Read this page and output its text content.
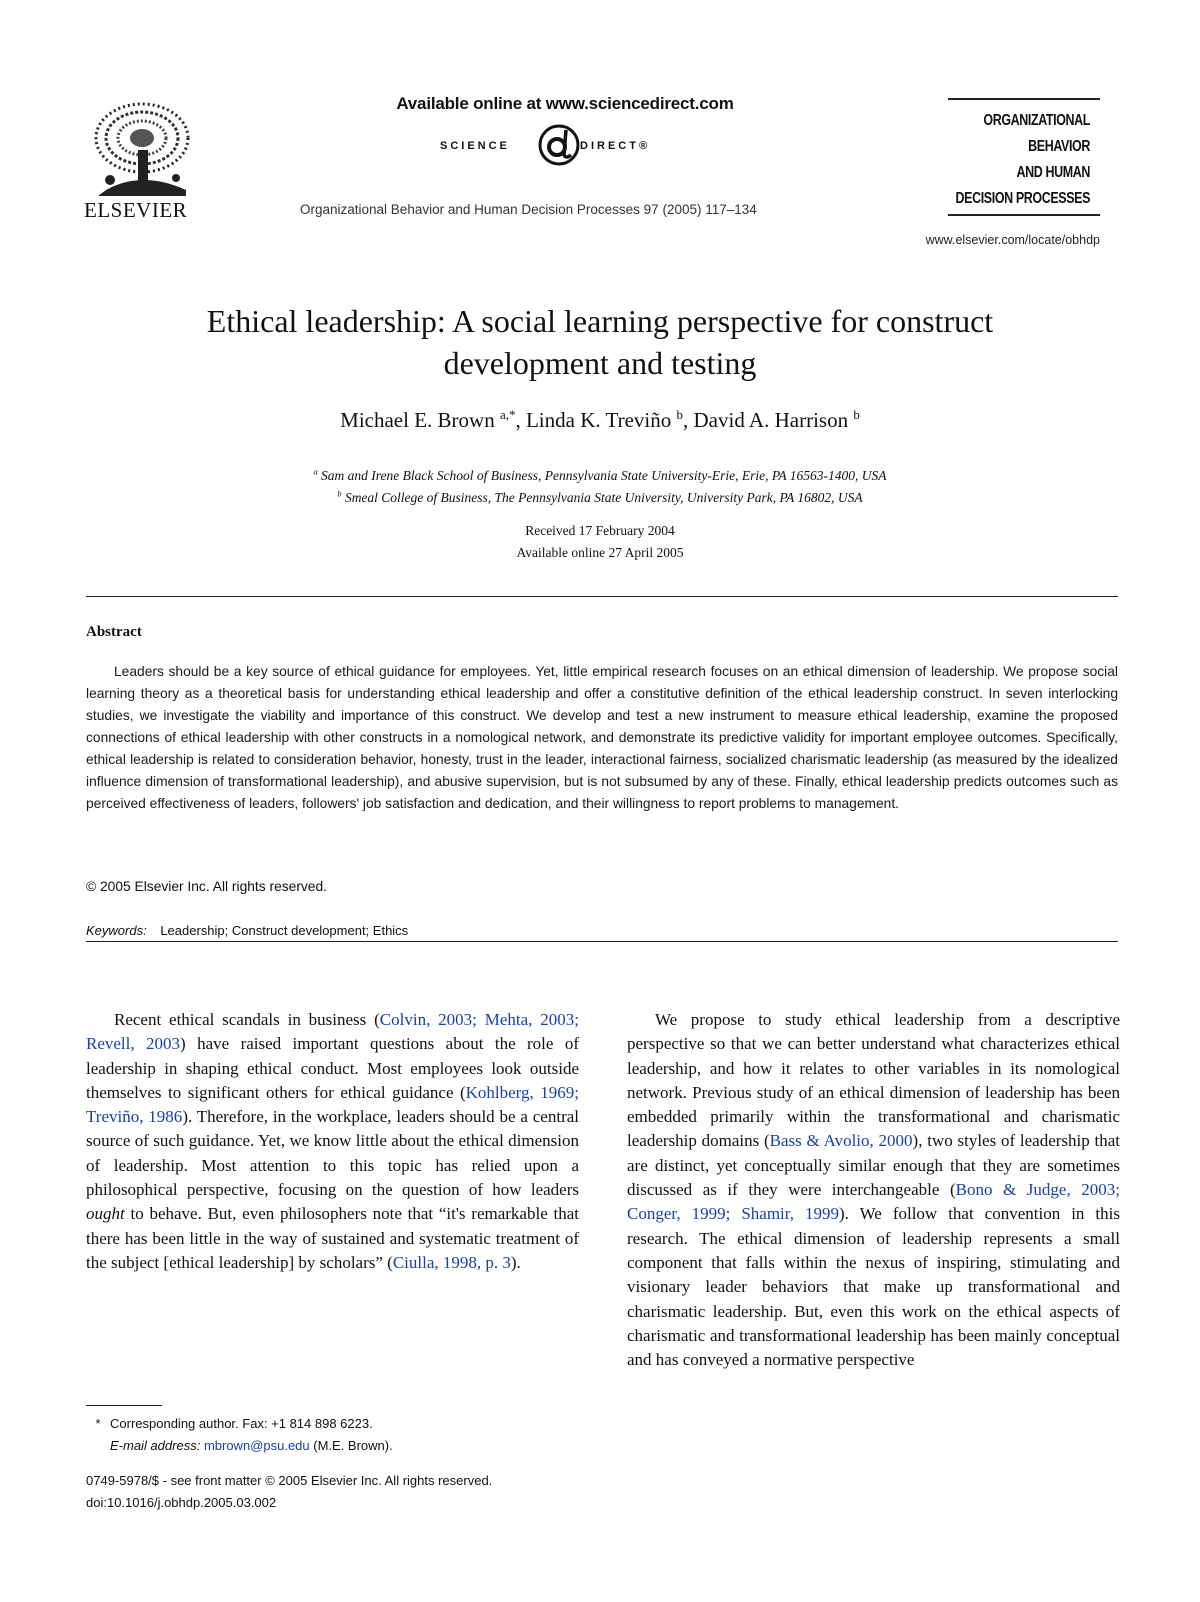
ELSEVIER
Available online at www.sciencedirect.com
SCIENCE	DIRECT®
Organizational Behavior and Human Decision Processes 97 (2005) 117–134
ORGANIZATIONAL
BEHAVIOR
AND HUMAN
DECISION PROCESSES
www.elsevier.com/locate/obhdp
Ethical leadership: A social learning perspective for construct
development and testing
Michael E. Brown $^{a,*}$, Linda K. Treviño $^b$, David A. Harrison $^b$
$^a$ Sam and Irene Black School of Business, Pennsylvania State University-Erie, Erie, PA 16563-1400, USA
$^b$ Smeal College of Business, The Pennsylvania State University, University Park, PA 16802, USA
Received 17 February 2004
Available online 27 April 2005
Abstract
Leaders should be a key source of ethical guidance for employees. Yet, little empirical research focuses on an ethical dimension of leadership. We propose social learning theory as a theoretical basis for understanding ethical leadership and offer a constitutive definition of the ethical leadership construct. In seven interlocking studies, we investigate the viability and importance of this construct. We develop and test a new instrument to measure ethical leadership, examine the proposed connections of ethical leadership with other constructs in a nomological network, and demonstrate its predictive validity for important employee outcomes. Specifically, ethical leadership is related to consideration behavior, honesty, trust in the leader, interactional fairness, socialized charismatic leadership (as measured by the idealized influence dimension of transformational leadership), and abusive supervision, but is not subsumed by any of these. Finally, ethical leadership predicts outcomes such as perceived effectiveness of leaders, followers' job satisfaction and dedication, and their willingness to report problems to management.
© 2005 Elsevier Inc. All rights reserved.
Keywords: Leadership; Construct development; Ethics

Recent ethical scandals in business (Colvin, 2003; Mehta, 2003; Revell, 2003) have raised important questions about the role of leadership in shaping ethical conduct. Most employees look outside themselves to significant others for ethical guidance (Kohlberg, 1969; Treviño, 1986). Therefore, in the workplace, leaders should be a central source of such guidance. Yet, we know little about the ethical dimension of leadership. Most attention to this topic has relied upon a philosophical perspective, focusing on the question of how leaders ought to behave. But, even philosophers note that “it's remarkable that there has been little in the way of sustained and systematic treatment of the subject [ethical leadership] by scholars” (Ciulla, 1998, p. 3).

We propose to study ethical leadership from a descriptive perspective so that we can better understand what characterizes ethical leadership, and how it relates to other variables in its nomological network. Previous study of an ethical dimension of leadership has been embedded primarily within the transformational and charismatic leadership domains (Bass & Avolio, 2000), two styles of leadership that are distinct, yet conceptually similar enough that they are sometimes discussed as if they were interchangeable (Bono & Judge, 2003; Conger, 1999; Shamir, 1999). We follow that convention in this research. The ethical dimension of leadership represents a small component that falls within the nexus of inspiring, stimulating and visionary leader behaviors that make up transformational and charismatic leadership. But, even this work on the ethical aspects of charismatic and transformational leadership has been mainly conceptual and has conveyed a normative perspective

* Corresponding author. Fax: +1 814 898 6223.
E-mail address: mbrown@psu.edu (M.E. Brown).
0749-5978/$ - see front matter © 2005 Elsevier Inc. All rights reserved.
doi:10.1016/j.obhdp.2005.03.002
